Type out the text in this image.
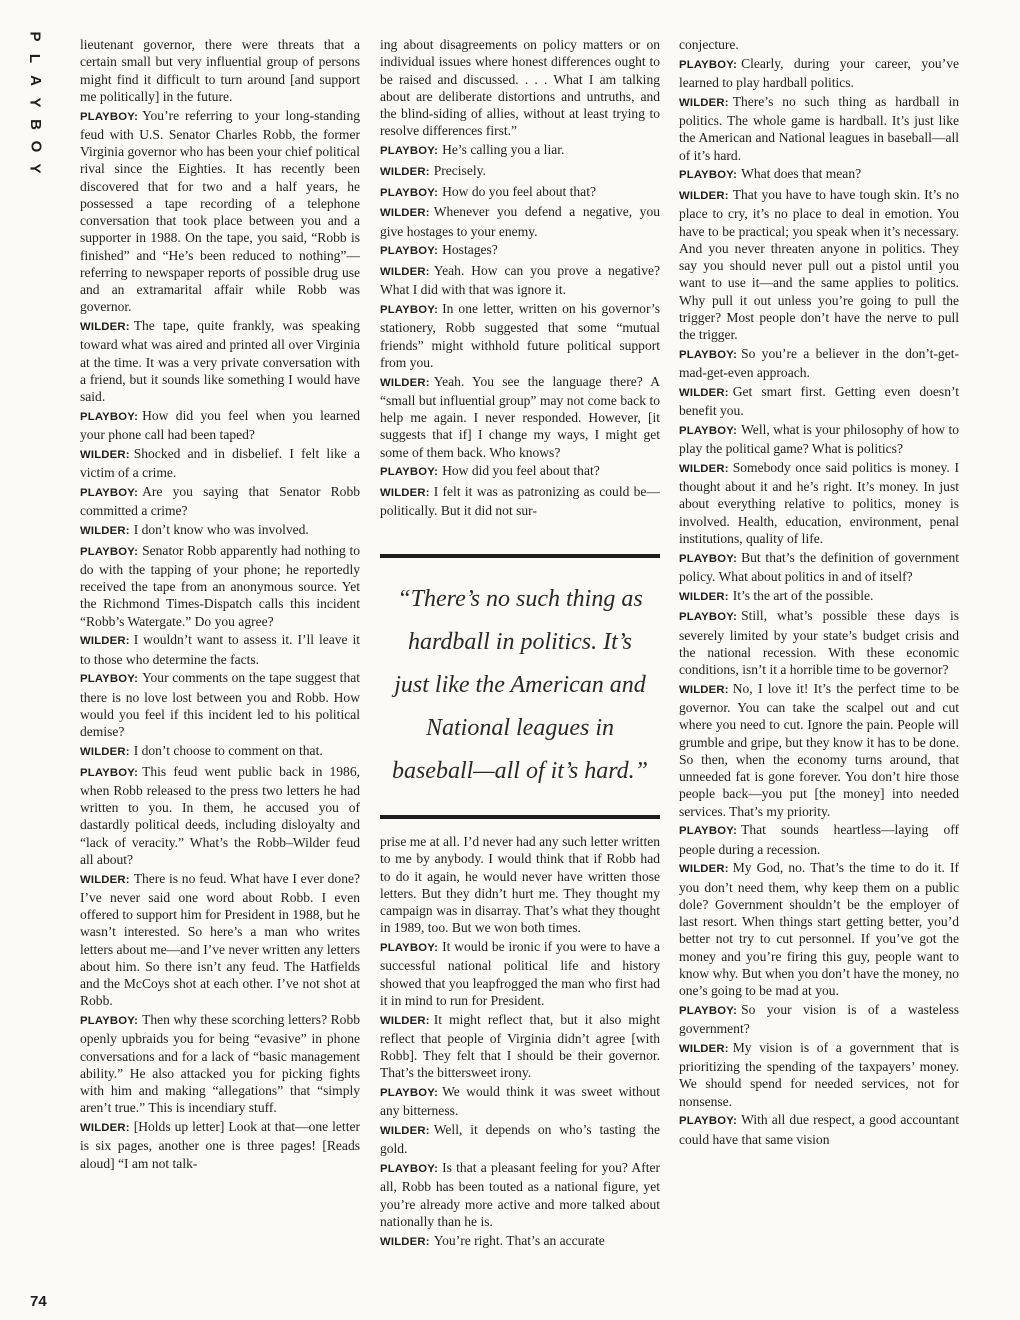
P
L
A
Y
B
O
Y

lieutenant governor, there were threats that a certain small but very influential group of persons might find it difficult to turn around [and support me politically] in the future.

PLAYBOY: You’re referring to your long-standing feud with U.S. Senator Charles Robb, the former Virginia governor who has been your chief political rival since the Eighties. It has recently been discovered that for two and a half years, he possessed a tape recording of a telephone conversation that took place between you and a supporter in 1988. On the tape, you said, “Robb is finished” and “He’s been reduced to nothing”—referring to newspaper reports of possible drug use and an extramarital affair while Robb was governor.

WILDER: The tape, quite frankly, was speaking toward what was aired and printed all over Virginia at the time. It was a very private conversation with a friend, but it sounds like something I would have said.

PLAYBOY: How did you feel when you learned your phone call had been taped?

WILDER: Shocked and in disbelief. I felt like a victim of a crime.

PLAYBOY: Are you saying that Senator Robb committed a crime?

WILDER: I don’t know who was involved.

PLAYBOY: Senator Robb apparently had nothing to do with the tapping of your phone; he reportedly received the tape from an anonymous source. Yet the Richmond Times-Dispatch calls this incident “Robb’s Watergate.” Do you agree?

WILDER: I wouldn’t want to assess it. I’ll leave it to those who determine the facts.

PLAYBOY: Your comments on the tape suggest that there is no love lost between you and Robb. How would you feel if this incident led to his political demise?

WILDER: I don’t choose to comment on that.

PLAYBOY: This feud went public back in 1986, when Robb released to the press two letters he had written to you. In them, he accused you of dastardly political deeds, including disloyalty and “lack of veracity.” What’s the Robb–Wilder feud all about?

WILDER: There is no feud. What have I ever done? I’ve never said one word about Robb. I even offered to support him for President in 1988, but he wasn’t interested. So here’s a man who writes letters about me—and I’ve never written any letters about him. So there isn’t any feud. The Hatfields and the McCoys shot at each other. I’ve not shot at Robb.

PLAYBOY: Then why these scorching letters? Robb openly upbraids you for being “evasive” in phone conversations and for a lack of “basic management ability.” He also attacked you for picking fights with him and making “allegations” that “simply aren’t true.” This is incendiary stuff.

WILDER: [Holds up letter] Look at that—one letter is six pages, another one is three pages! [Reads aloud] “I am not talk-

ing about disagreements on policy matters or on individual issues where honest differences ought to be raised and discussed. . . . What I am talking about are deliberate distortions and untruths, and the blind-siding of allies, without at least trying to resolve differences first.”

PLAYBOY: He’s calling you a liar.

WILDER: Precisely.

PLAYBOY: How do you feel about that?

WILDER: Whenever you defend a negative, you give hostages to your enemy.

PLAYBOY: Hostages?

WILDER: Yeah. How can you prove a negative? What I did with that was ignore it.

PLAYBOY: In one letter, written on his governor’s stationery, Robb suggested that some “mutual friends” might withhold future political support from you.

WILDER: Yeah. You see the language there? A “small but influential group” may not come back to help me again. I never responded. However, [it suggests that if] I change my ways, I might get some of them back. Who knows?

PLAYBOY: How did you feel about that?

WILDER: I felt it was as patronizing as could be—politically. But it did not sur-

“There’s no such thing as

hardball in politics. It’s

just like the American and

National leagues in

baseball—all of it’s hard.”

prise me at all. I’d never had any such letter written to me by anybody. I would think that if Robb had to do it again, he would never have written those letters. But they didn’t hurt me. They thought my campaign was in disarray. That’s what they thought in 1989, too. But we won both times.

PLAYBOY: It would be ironic if you were to have a successful national political life and history showed that you leapfrogged the man who first had it in mind to run for President.

WILDER: It might reflect that, but it also might reflect that people of Virginia didn’t agree [with Robb]. They felt that I should be their governor. That’s the bittersweet irony.

PLAYBOY: We would think it was sweet without any bitterness.

WILDER: Well, it depends on who’s tasting the gold.

PLAYBOY: Is that a pleasant feeling for you? After all, Robb has been touted as a national figure, yet you’re already more active and more talked about nationally than he is.

WILDER: You’re right. That’s an accurate

conjecture.

PLAYBOY: Clearly, during your career, you’ve learned to play hardball politics.

WILDER: There’s no such thing as hardball in politics. The whole game is hardball. It’s just like the American and National leagues in baseball—all of it’s hard.

PLAYBOY: What does that mean?

WILDER: That you have to have tough skin. It’s no place to cry, it’s no place to deal in emotion. You have to be practical; you speak when it’s necessary. And you never threaten anyone in politics. They say you should never pull out a pistol until you want to use it—and the same applies to politics. Why pull it out unless you’re going to pull the trigger? Most people don’t have the nerve to pull the trigger.

PLAYBOY: So you’re a believer in the don’t-get-mad-get-even approach.

WILDER: Get smart first. Getting even doesn’t benefit you.

PLAYBOY: Well, what is your philosophy of how to play the political game? What is politics?

WILDER: Somebody once said politics is money. I thought about it and he’s right. It’s money. In just about everything relative to politics, money is involved. Health, education, environment, penal institutions, quality of life.

PLAYBOY: But that’s the definition of government policy. What about politics in and of itself?

WILDER: It’s the art of the possible.

PLAYBOY: Still, what’s possible these days is severely limited by your state’s budget crisis and the national recession. With these economic conditions, isn’t it a horrible time to be governor?

WILDER: No, I love it! It’s the perfect time to be governor. You can take the scalpel out and cut where you need to cut. Ignore the pain. People will grumble and gripe, but they know it has to be done. So then, when the economy turns around, that unneeded fat is gone forever. You don’t hire those people back—you put [the money] into needed services. That’s my priority.

PLAYBOY: That sounds heartless—laying off people during a recession.

WILDER: My God, no. That’s the time to do it. If you don’t need them, why keep them on a public dole? Government shouldn’t be the employer of last resort. When things start getting better, you’d better not try to cut personnel. If you’ve got the money and you’re firing this guy, people want to know why. But when you don’t have the money, no one’s going to be mad at you.

PLAYBOY: So your vision is of a wasteless government?

WILDER: My vision is of a government that is prioritizing the spending of the taxpayers’ money. We should spend for needed services, not for nonsense.

PLAYBOY: With all due respect, a good accountant could have that same vision

74
